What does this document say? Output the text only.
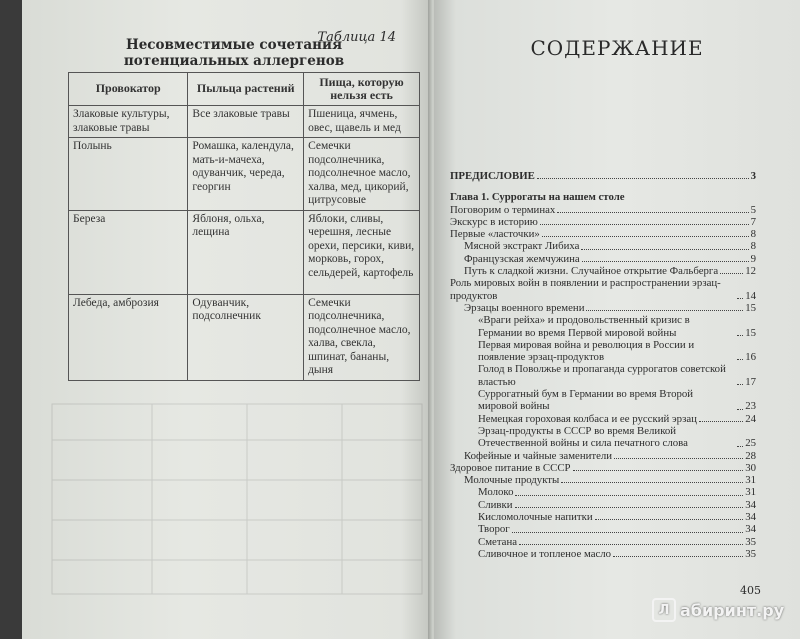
Таблица 14
Несовместимые сочетания потенциальных аллергенов
Провокатор	Пыльца растений	Пища, которую нельзя есть
Злаковые культуры, злаковые травы	Все злаковые травы	Пшеница, ячмень, овес, щавель и мед
Полынь	Ромашка, календула, мать-и-мачеха, одуванчик, череда, георгин	Семечки подсолнечника, подсолнечное масло, халва, мед, цикорий, цитрусовые
Береза	Яблоня, ольха, лещина	Яблоки, сливы, черешня, лесные орехи, персики, киви, морковь, горох, сельдерей, картофель
Лебеда, амброзия	Одуванчик, подсолнечник	Семечки подсолнечника, подсолнечное масло, халва, свекла, шпинат, бананы, дыня
СОДЕРЖАНИЕ
ПРЕДИСЛОВИЕ	3
Глава 1. Суррогаты на нашем столе
Поговорим о терминах	5
Экскурс в историю	7
Первые «ласточки»	8
Мясной экстракт Либиха	8
Французская жемчужина	9
Путь к сладкой жизни. Случайное открытие Фальберга	12
Роль мировых войн в появлении и распространении эрзац-продуктов	14
Эрзацы военного времени	15
«Враги рейха» и продовольственный кризис в Германии во время Первой мировой войны	15
Первая мировая война и революция в России и появление эрзац-продуктов	16
Голод в Поволжье и пропаганда суррогатов советской властью	17
Суррогатный бум в Германии во время Второй мировой войны	23
Немецкая гороховая колбаса и ее русский эрзац	24
Эрзац-продукты в СССР во время Великой Отечественной войны и сила печатного слова	25
Кофейные и чайные заменители	28
Здоровое питание в СССР	30
Молочные продукты	31
Молоко	31
Сливки	34
Кисломолочные напитки	34
Творог	34
Сметана	35
Сливочное и топленое масло	35
405
Л абиринт.ру
